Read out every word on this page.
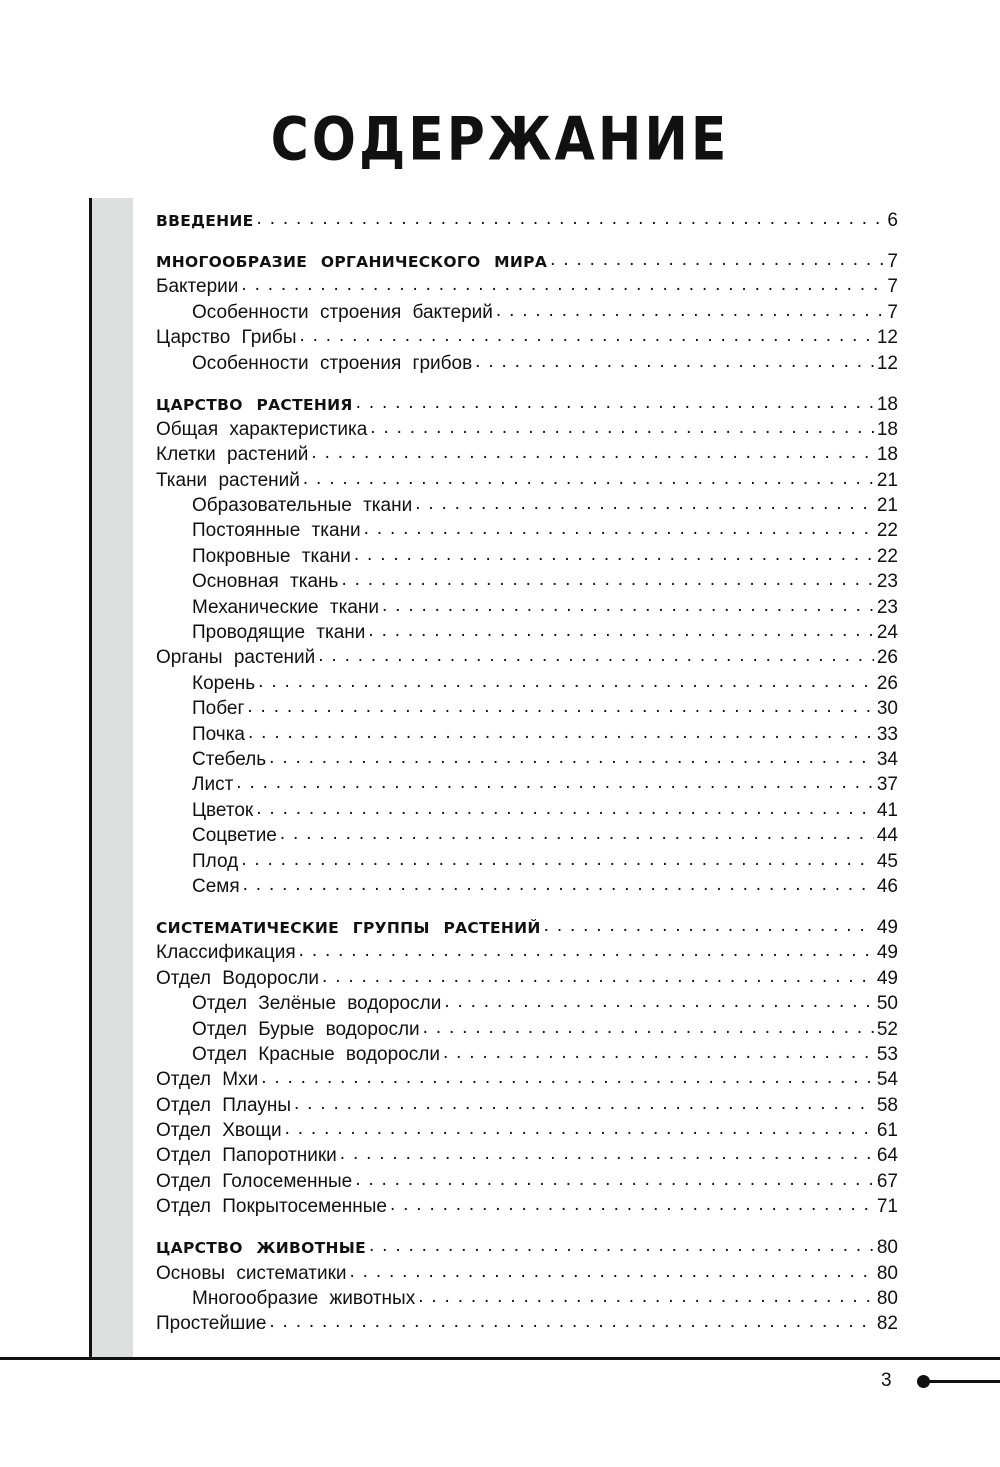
СОДЕРЖАНИЕ
ВВЕДЕНИЕ . . .	6
МНОГООБРАЗИЕ ОРГАНИЧЕСКОГО МИРА . . .	7
Бактерии . . .	7
Особенности строения бактерий . . .	7
Царство Грибы . . .	12
Особенности строения грибов . . .	12
ЦАРСТВО РАСТЕНИЯ . . .	18
Общая характеристика . . .	18
Клетки растений . . .	18
Ткани растений . . .	21
Образовательные ткани . . .	21
Постоянные ткани . . .	22
Покровные ткани . . .	22
Основная ткань . . .	23
Механические ткани . . .	23
Проводящие ткани . . .	24
Органы растений . . .	26
Корень . . .	26
Побег . . .	30
Почка . . .	33
Стебель . . .	34
Лист . . .	37
Цветок . . .	41
Соцветие . . .	44
Плод . . .	45
Семя . . .	46
СИСТЕМАТИЧЕСКИЕ ГРУППЫ РАСТЕНИЙ . . .	49
Классификация . . .	49
Отдел Водоросли . . .	49
Отдел Зелёные водоросли . . .	50
Отдел Бурые водоросли . . .	52
Отдел Красные водоросли . . .	53
Отдел Мхи . . .	54
Отдел Плауны . . .	58
Отдел Хвощи . . .	61
Отдел Папоротники . . .	64
Отдел Голосеменные . . .	67
Отдел Покрытосеменные . . .	71
ЦАРСТВО ЖИВОТНЫЕ . . .	80
Основы систематики . . .	80
Многообразие животных . . .	80
Простейшие . . .	82
3
